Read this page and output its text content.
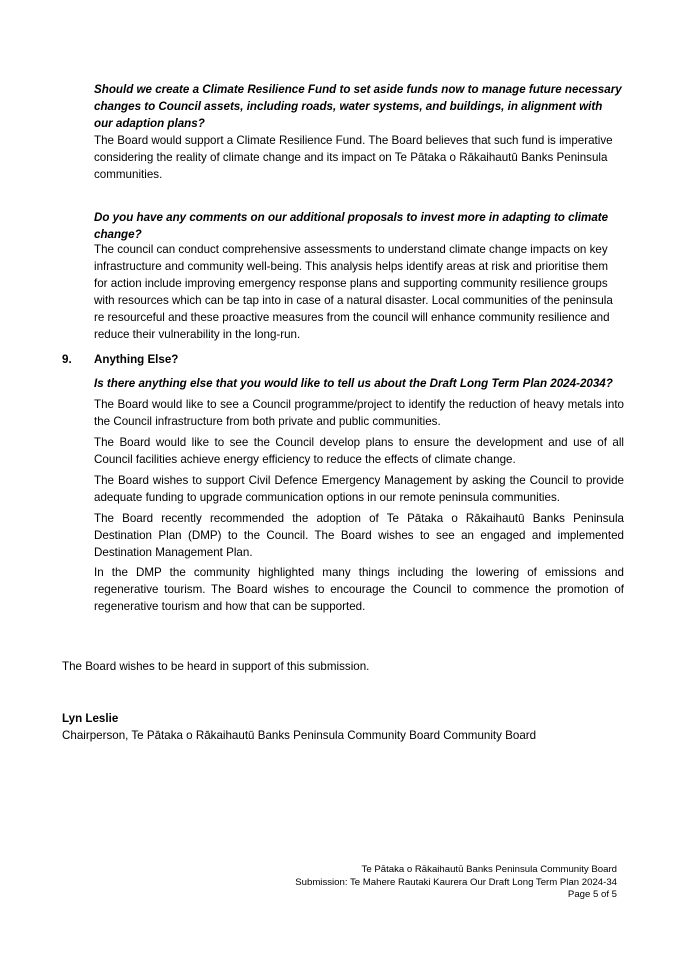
Should we create a Climate Resilience Fund to set aside funds now to manage future necessary changes to Council assets, including roads, water systems, and buildings, in alignment with our adaption plans?
The Board would support a Climate Resilience Fund. The Board believes that such fund is imperative considering the reality of climate change and its impact on Te Pātaka o Rākaihautū Banks Peninsula communities.
Do you have any comments on our additional proposals to invest more in adapting to climate change?
The council can conduct comprehensive assessments to understand climate change impacts on key infrastructure and community well-being. This analysis helps identify areas at risk and prioritise them for action include improving emergency response plans and supporting community resilience groups with resources which can be tap into in case of a natural disaster. Local communities of the peninsula re resourceful and these proactive measures from the council will enhance community resilience and reduce their vulnerability in the long-run.
9. Anything Else?
Is there anything else that you would like to tell us about the Draft Long Term Plan 2024-2034?
The Board would like to see a Council programme/project to identify the reduction of heavy metals into the Council infrastructure from both private and public communities.
The Board would like to see the Council develop plans to ensure the development and use of all Council facilities achieve energy efficiency to reduce the effects of climate change.
The Board wishes to support Civil Defence Emergency Management by asking the Council to provide adequate funding to upgrade communication options in our remote peninsula communities.
The Board recently recommended the adoption of Te Pātaka o Rākaihautū Banks Peninsula Destination Plan (DMP) to the Council. The Board wishes to see an engaged and implemented Destination Management Plan.
In the DMP the community highlighted many things including the lowering of emissions and regenerative tourism. The Board wishes to encourage the Council to commence the promotion of regenerative tourism and how that can be supported.
The Board wishes to be heard in support of this submission.
Lyn Leslie
Chairperson, Te Pātaka o Rākaihautū Banks Peninsula Community Board Community Board
Te Pātaka o Rākaihautū Banks Peninsula Community Board
Submission: Te Mahere Rautaki Kaurera Our Draft Long Term Plan 2024-34
Page 5 of 5
